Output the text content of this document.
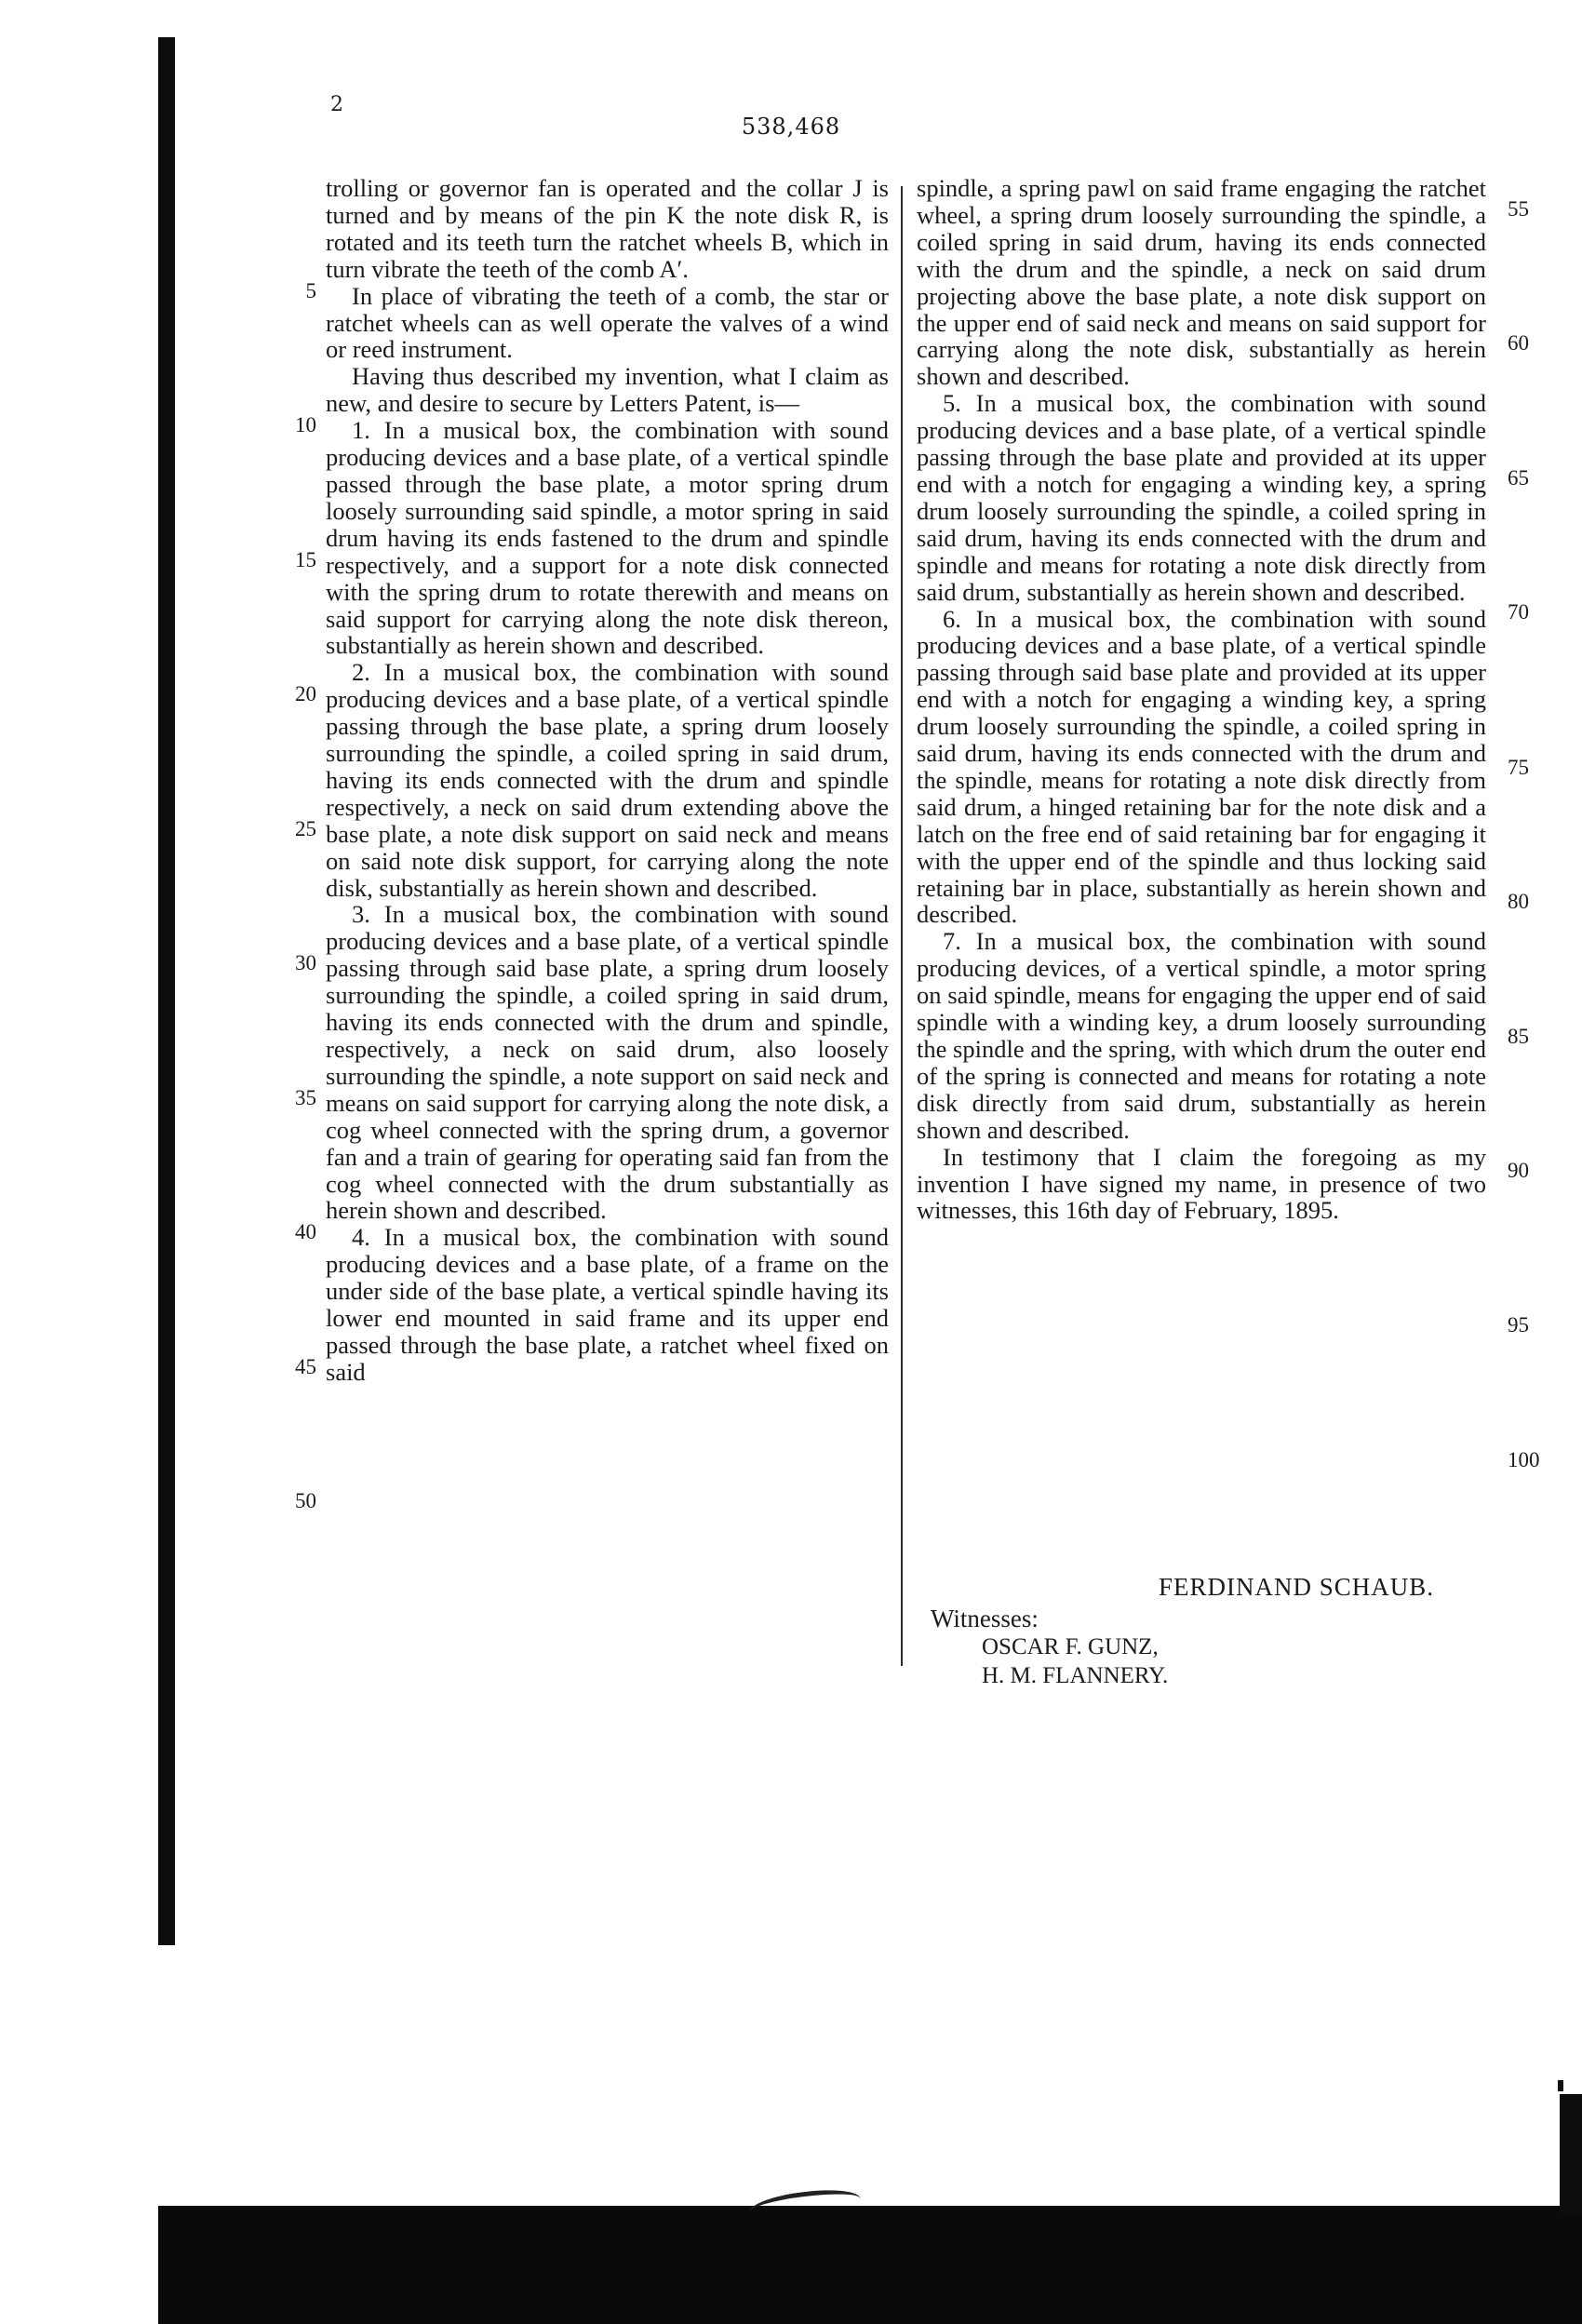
2
538,468

trolling or governor fan is operated and the collar J is turned and by means of the pin K the note disk R, is rotated and its teeth turn the ratchet wheels B, which in turn vibrate the teeth of the comb A′.

In place of vibrating the teeth of a comb, the star or ratchet wheels can as well operate the valves of a wind or reed instrument.

Having thus described my invention, what I claim as new, and desire to secure by Letters Patent, is—

1. In a musical box, the combination with sound producing devices and a base plate, of a vertical spindle passed through the base plate, a motor spring drum loosely surrounding said spindle, a motor spring in said drum having its ends fastened to the drum and spindle respectively, and a support for a note disk connected with the spring drum to rotate therewith and means on said support for carrying along the note disk thereon, substantially as herein shown and described.

2. In a musical box, the combination with sound producing devices and a base plate, of a vertical spindle passing through the base plate, a spring drum loosely surrounding the spindle, a coiled spring in said drum, having its ends connected with the drum and spindle respectively, a neck on said drum extending above the base plate, a note disk support on said neck and means on said note disk support, for carrying along the note disk, substantially as herein shown and described.

3. In a musical box, the combination with sound producing devices and a base plate, of a vertical spindle passing through said base plate, a spring drum loosely surrounding the spindle, a coiled spring in said drum, having its ends connected with the drum and spindle, respectively, a neck on said drum, also loosely surrounding the spindle, a note support on said neck and means on said support for carrying along the note disk, a cog wheel connected with the spring drum, a governor fan and a train of gearing for operating said fan from the cog wheel connected with the drum substantially as herein shown and described.

4. In a musical box, the combination with sound producing devices and a base plate, of a frame on the under side of the base plate, a vertical spindle having its lower end mounted in said frame and its upper end passed through the base plate, a ratchet wheel fixed on said

spindle, a spring pawl on said frame engaging the ratchet wheel, a spring drum loosely surrounding the spindle, a coiled spring in said drum, having its ends connected with the drum and the spindle, a neck on said drum projecting above the base plate, a note disk support on the upper end of said neck and means on said support for carrying along the note disk, substantially as herein shown and described.

5. In a musical box, the combination with sound producing devices and a base plate, of a vertical spindle passing through the base plate and provided at its upper end with a notch for engaging a winding key, a spring drum loosely surrounding the spindle, a coiled spring in said drum, having its ends connected with the drum and spindle and means for rotating a note disk directly from said drum, substantially as herein shown and described.

6. In a musical box, the combination with sound producing devices and a base plate, of a vertical spindle passing through said base plate and provided at its upper end with a notch for engaging a winding key, a spring drum loosely surrounding the spindle, a coiled spring in said drum, having its ends connected with the drum and the spindle, means for rotating a note disk directly from said drum, a hinged retaining bar for the note disk and a latch on the free end of said retaining bar for engaging it with the upper end of the spindle and thus locking said retaining bar in place, substantially as herein shown and described.

7. In a musical box, the combination with sound producing devices, of a vertical spindle, a motor spring on said spindle, means for engaging the upper end of said spindle with a winding key, a drum loosely surrounding the spindle and the spring, with which drum the outer end of the spring is connected and means for rotating a note disk directly from said drum, substantially as herein shown and described.

In testimony that I claim the foregoing as my invention I have signed my name, in presence of two witnesses, this 16th day of February, 1895.

5
10
15
20
25
30
35
40
45
50
55
60
65
70
75
80
85
90
95
100
FERDINAND SCHAUB.
Witnesses:
OSCAR F. GUNZ,
H. M. FLANNERY.
